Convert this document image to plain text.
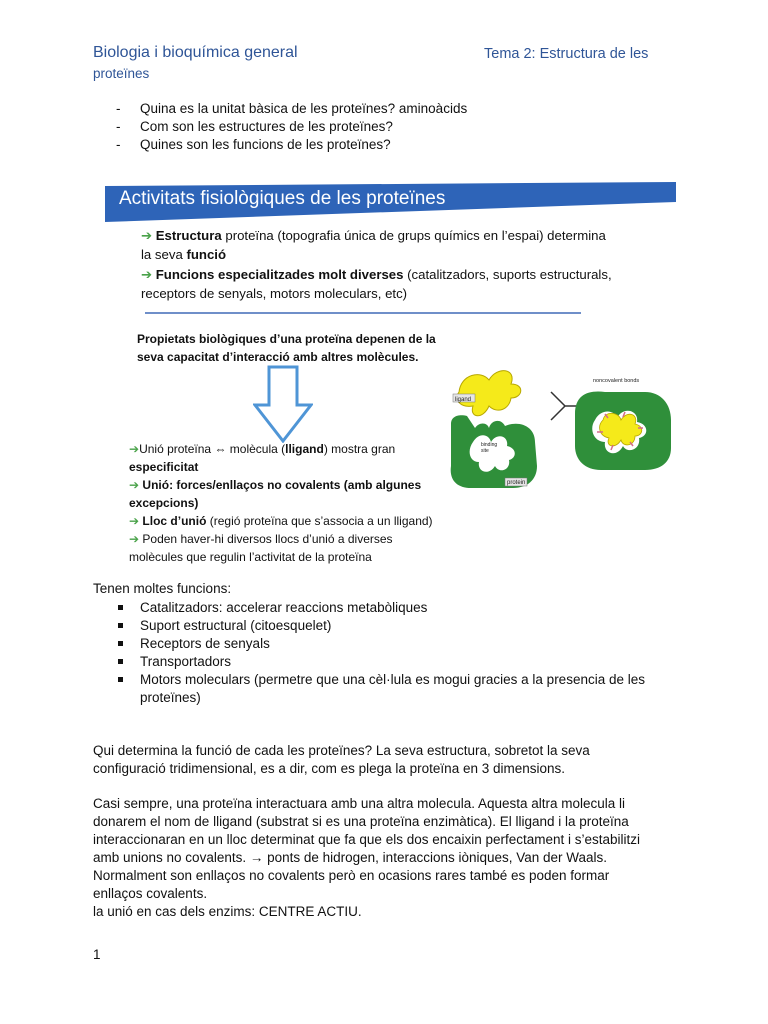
Biologia i bioquímica general	Tema 2: Estructura de les
proteïnes
- Quina es la unitat bàsica de les proteïnes? aminoàcids
- Com son les estructures de les proteïnes?
- Quines son les funcions de les proteïnes?
Activitats fisiològiques de les proteïnes
➔ Estructura proteïna (topografia única de grups químics en l’espai) determina
la seva funció
➔ Funcions especialitzades molt diverses (catalitzadors, suports estructurals,
receptors de senyals, motors moleculars, etc)
Propietats biològiques d’una proteïna depenen de la
seva capacitat d’interacció amb altres molècules.
➔Unió proteïna ⇔ molècula (lligand) mostra gran
especificitat
➔ Unió: forces/enllaços no covalents (amb algunes
excepcions)
➔ Lloc d’unió (regió proteïna que s’associa a un lligand)
➔ Poden haver-hi diversos llocs d’unió a diverses
molècules que regulin l’activitat de la proteïna
ligand
binding
site
protein
noncovalent bonds
Tenen moltes funcions:
Catalitzadors: accelerar reaccions metabòliques
Suport estructural (citoesquelet)
Receptors de senyals
Transportadors
Motors moleculars (permetre que una cèl·lula es mogui gracies a la presencia de les proteïnes)
Qui determina la funció de cada les proteïnes? La seva estructura, sobretot la seva
configuració tridimensional, es a dir, com es plega la proteïna en 3 dimensions.
Casi sempre, una proteïna interactuara amb una altra molecula. Aquesta altra molecula li
donarem el nom de lligand (substrat si es una proteïna enzimàtica). El lligand i la proteïna
interaccionaran en un lloc determinat que fa que els dos encaixin perfectament i s’estabilitzi
amb unions no covalents. → ponts de hidrogen, interaccions iòniques, Van der Waals.
Normalment son enllaços no covalents però en ocasions rares també es poden formar
enllaços covalents.
la unió en cas dels enzims: CENTRE ACTIU.
1
